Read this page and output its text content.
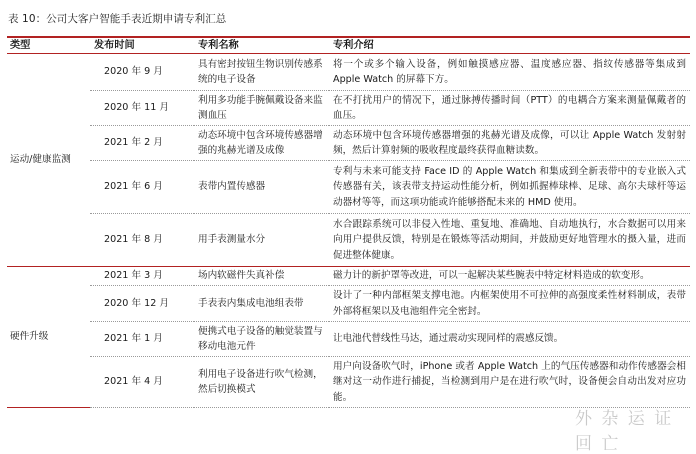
表 10：公司大客户智能手表近期申请专利汇总
类型	发布时间	专利名称	专利介绍
运动/健康监测	2020 年 9 月	具有密封按钮生物识别传感系统的电子设备	将一个或多个输入设备，例如触摸感应器、温度感应器、指纹传感器等集成到 Apple Watch 的屏幕下方。
	2020 年 11 月	利用多功能手腕佩戴设备来监测血压	在不打扰用户的情况下，通过脉搏传播时间（PTT）的电耦合方案来测量佩戴者的血压。
	2021 年 2 月	动态环境中包含环境传感器增强的兆赫光谱及成像	动态环境中包含环境传感器增强的兆赫光谱及成像，可以让 Apple Watch 发射射频，然后计算射频的吸收程度最终获得血糖读数。
	2021 年 6 月	表带内置传感器	专利与未来可能支持 Face ID 的 Apple Watch 和集成到全新表带中的专业嵌入式传感器有关，该表带支持运动性能分析，例如抓握棒球棒、足球、高尔夫球杆等运动器材等等，而这项功能或许能够搭配未来的 HMD 使用。
	2021 年 8 月	用手表测量水分	水合跟踪系统可以非侵入性地、重复地、准确地、自动地执行，水合数据可以用来向用户提供反馈，特别是在锻炼等活动期间，并鼓励更好地管理水的摄入量，进而促进整体健康。
硬件升级	2021 年 3 月	场内软磁件失真补偿	磁力计的新护罩等改进，可以一起解决某些腕表中特定材料造成的软变形。
	2020 年 12 月	手表表内集成电池组表带	设计了一种内部框架支撑电池。内框架使用不可拉伸的高强度柔性材料制成，表带外部将框架以及电池组件完全密封。
	2021 年 1 月	便携式电子设备的触觉装置与移动电池元件	让电池代替线性马达，通过震动实现同样的震感反馈。
	2021 年 4 月	利用电子设备进行吹气检测，然后切换模式	用户向设备吹气时，iPhone 或者 Apple Watch 上的气压传感器和动作传感器会相继对这一动作进行捕捉，当检测到用户是在进行吹气时，设备便会自动出发对应功能。
外 杂 运 证 回 亡
